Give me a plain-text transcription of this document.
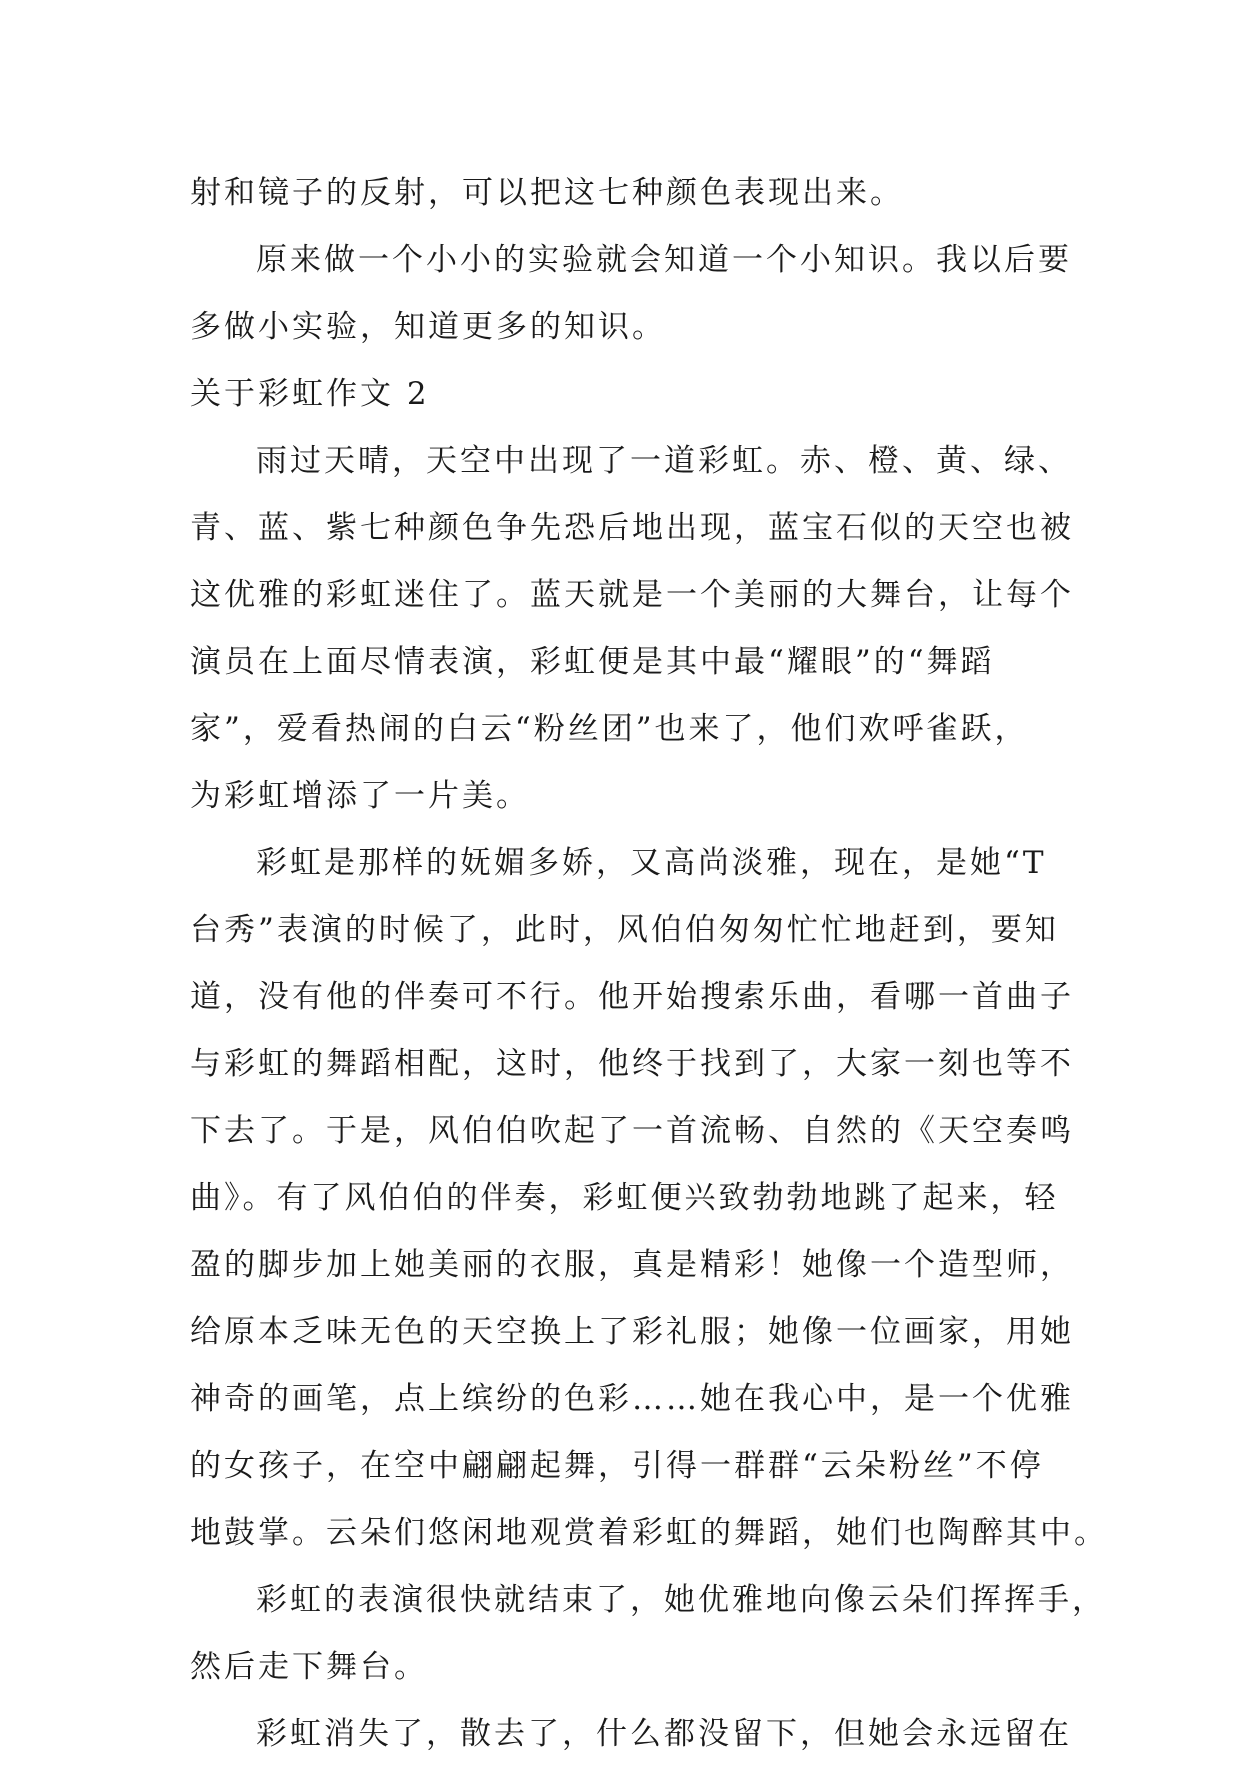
射和镜子的反射，可以把这七种颜色表现出来。
原来做一个小小的实验就会知道一个小知识。我以后要
多做小实验，知道更多的知识。
关于彩虹作文 2
雨过天晴，天空中出现了一道彩虹。赤、橙、黄、绿、
青、蓝、紫七种颜色争先恐后地出现，蓝宝石似的天空也被
这优雅的彩虹迷住了。蓝天就是一个美丽的大舞台，让每个
演员在上面尽情表演，彩虹便是其中最“耀眼”的“舞蹈
家”，爱看热闹的白云“粉丝团”也来了，他们欢呼雀跃，
为彩虹增添了一片美。
彩虹是那样的妩媚多娇，又高尚淡雅，现在，是她“T
台秀”表演的时候了，此时，风伯伯匆匆忙忙地赶到，要知
道，没有他的伴奏可不行。他开始搜索乐曲，看哪一首曲子
与彩虹的舞蹈相配，这时，他终于找到了，大家一刻也等不
下去了。于是，风伯伯吹起了一首流畅、自然的《天空奏鸣
曲》。有了风伯伯的伴奏，彩虹便兴致勃勃地跳了起来，轻
盈的脚步加上她美丽的衣服，真是精彩！她像一个造型师，
给原本乏味无色的天空换上了彩礼服；她像一位画家，用她
神奇的画笔，点上缤纷的色彩……她在我心中，是一个优雅
的女孩子，在空中翩翩起舞，引得一群群“云朵粉丝”不停
地鼓掌。云朵们悠闲地观赏着彩虹的舞蹈，她们也陶醉其中。
彩虹的表演很快就结束了，她优雅地向像云朵们挥挥手，
然后走下舞台。
彩虹消失了，散去了，什么都没留下，但她会永远留在
